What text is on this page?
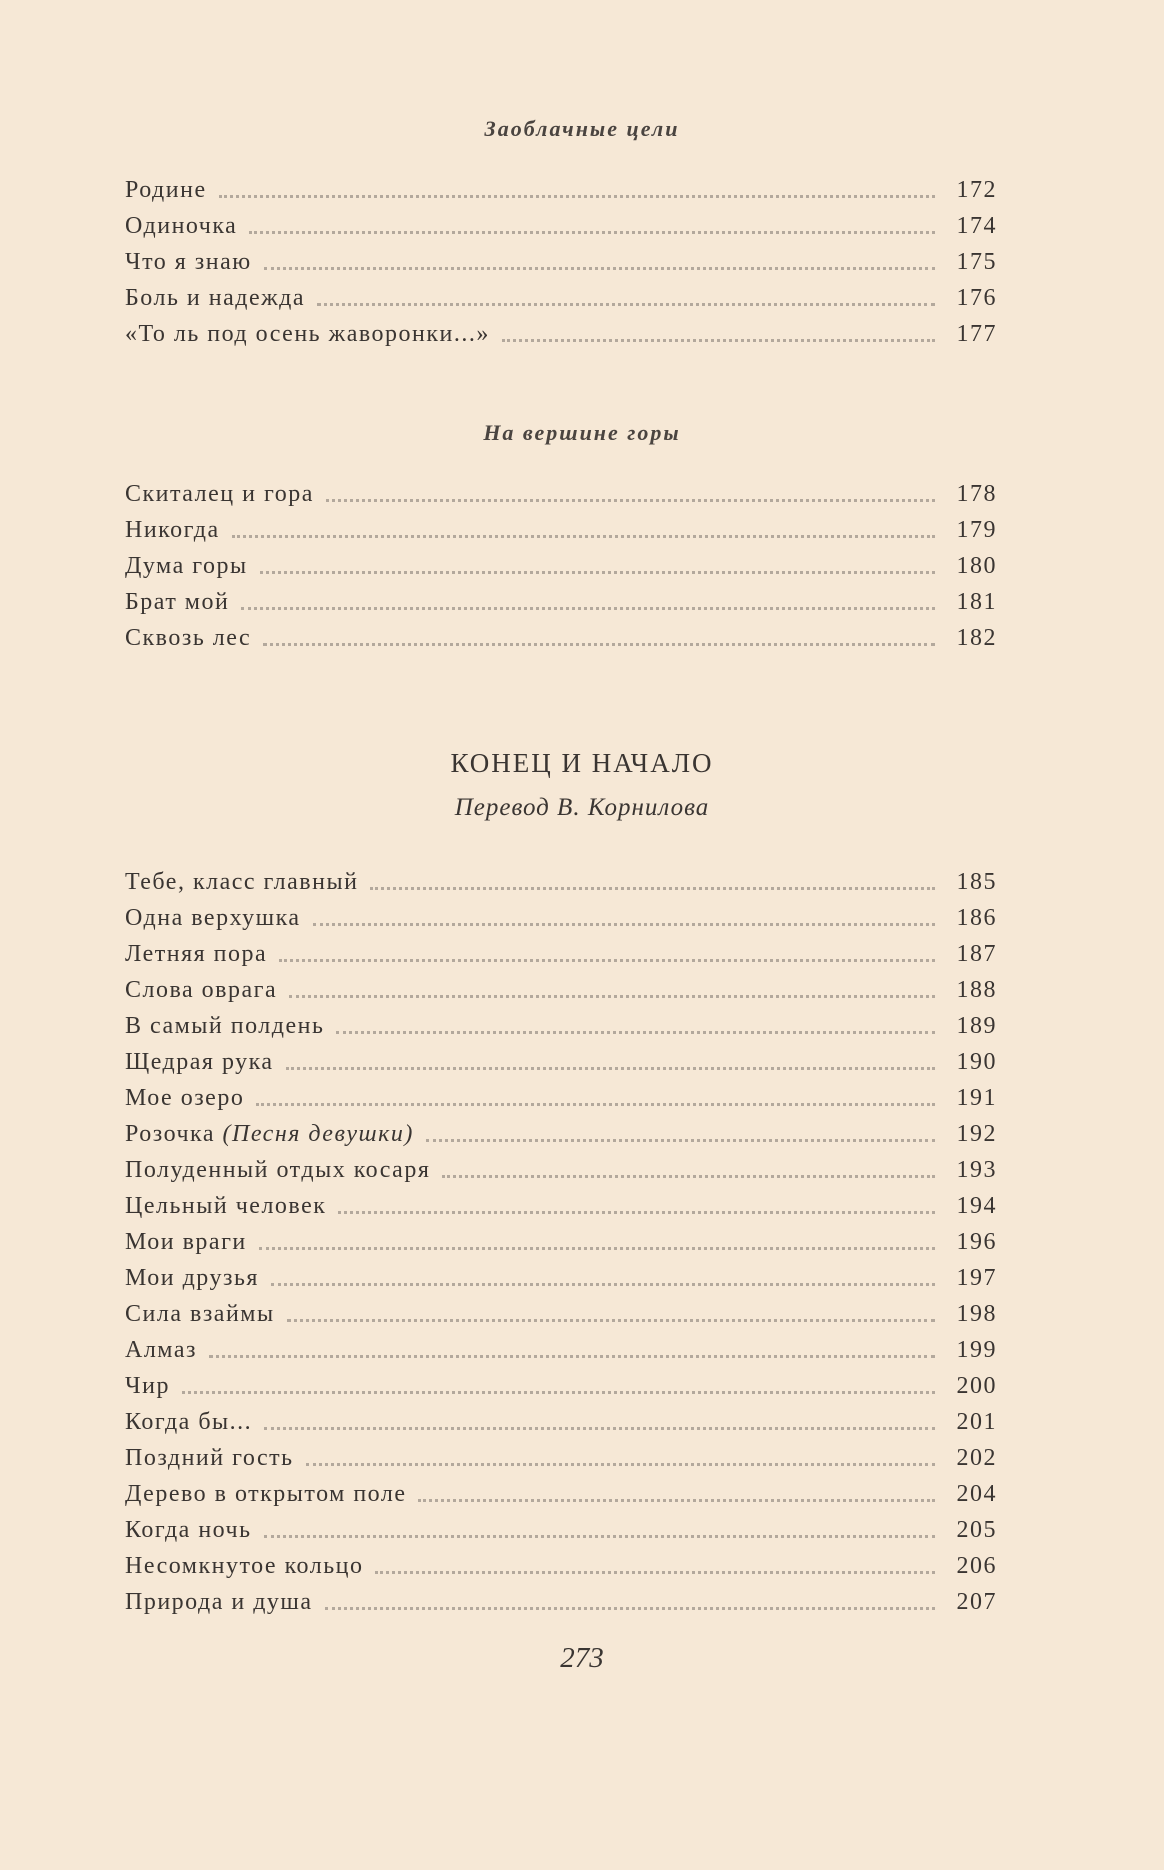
Заоблачные цели
Родине	172
Одиночка	174
Что я знаю	175
Боль и надежда	176
«То ль под осень жаворонки...»	177
На вершине горы
Скиталец и гора	178
Никогда	179
Дума горы	180
Брат мой	181
Сквозь лес	182
КОНЕЦ И НАЧАЛО
Перевод В. Корнилова
Тебе, класс главный	185
Одна верхушка	186
Летняя пора	187
Слова оврага	188
В самый полдень	189
Щедрая рука	190
Мое озеро	191
Розочка (Песня девушки)	192
Полуденный отдых косаря	193
Цельный человек	194
Мои враги	196
Мои друзья	197
Сила взаймы	198
Алмаз	199
Чир	200
Когда бы...	201
Поздний гость	202
Дерево в открытом поле	204
Когда ночь	205
Несомкнутое кольцо	206
Природа и душа	207
273
